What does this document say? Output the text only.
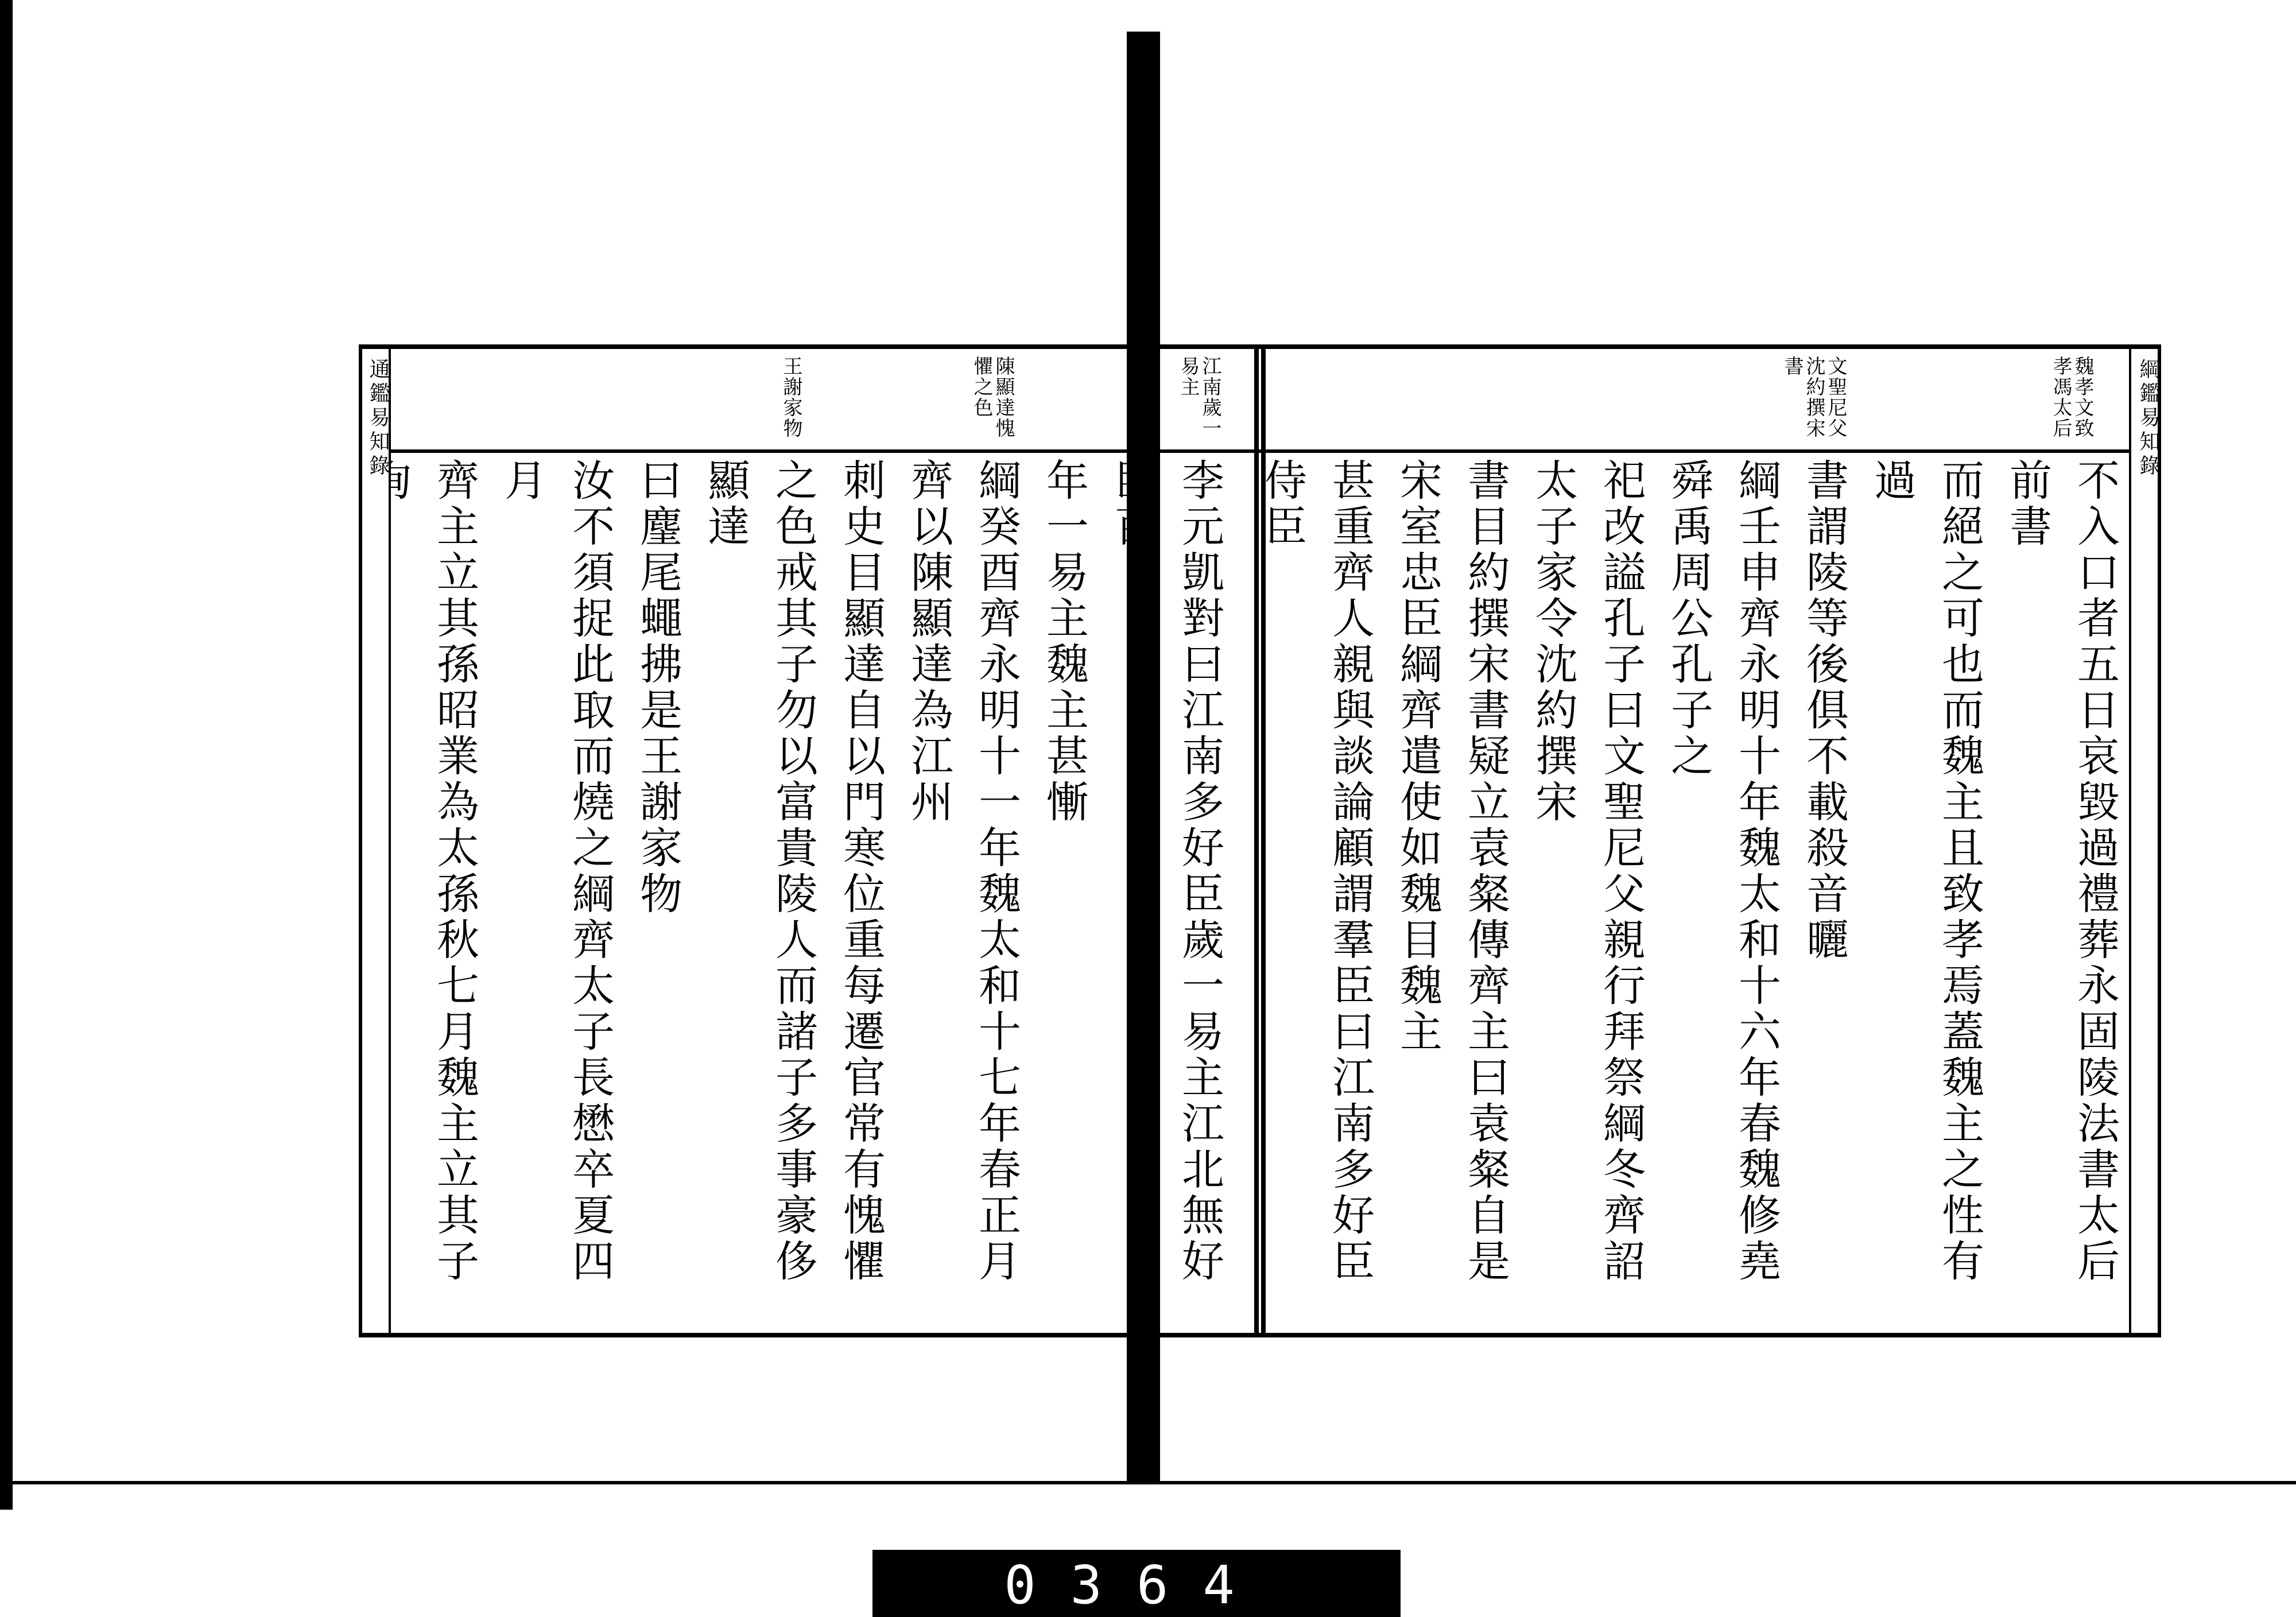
江南歲一易主
陳顯達愧懼之色
王謝家物
李元凱對曰江南多好臣歲一易主江北無好臣百
年一易主魏主甚慚
綱癸酉齊永明十一年魏太和十七年春正月齊以陳顯達為江州
刺史目顯達自以門寒位重每遷官常有愧懼
之色戒其子勿以富貴陵人而諸子多事豪侈顯達
曰麈尾蠅拂是王謝家物
汝不須捉此取而燒之綱齊太子長懋卒夏四月
齊主立其孫昭業為太孫秋七月魏主立其子
通鑑易知錄	魏孝文致孝馮太后
文聖尼父沈約撰宋書
不入口者五日哀毀過禮葬永固陵法書太后前書
而絕之可也而魏主且致孝焉蓋魏主之性有過
書謂陵等後俱不載殺音曬
綱壬申齊永明十年魏太和十六年春魏修堯舜禹周公孔子之
祀改謚孔子曰文聖尼父親行拜祭綱冬齊詔太子家令沈約撰宋
書目約撰宋書疑立袁粲傳齊主曰袁粲自是宋室忠臣綱齊遣使如魏目魏主
甚重齊人親與談論顧謂羣臣曰江南多好臣侍臣
綱鑑易知錄
0364
